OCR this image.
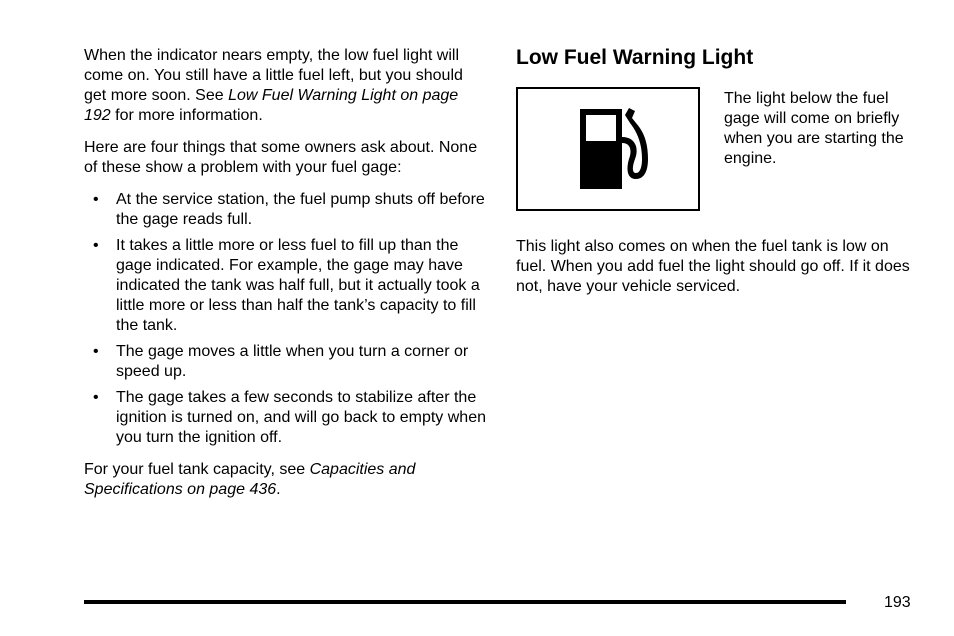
When the indicator nears empty, the low fuel light will come on. You still have a little fuel left, but you should get more soon. See Low Fuel Warning Light on page 192 for more information.

Here are four things that some owners ask about. None of these show a problem with your fuel gage:

• At the service station, the fuel pump shuts off before the gage reads full.
• It takes a little more or less fuel to fill up than the gage indicated. For example, the gage may have indicated the tank was half full, but it actually took a little more or less than half the tank’s capacity to fill the tank.
• The gage moves a little when you turn a corner or speed up.
• The gage takes a few seconds to stabilize after the ignition is turned on, and will go back to empty when you turn the ignition off.

For your fuel tank capacity, see Capacities and Specifications on page 436.

Low Fuel Warning Light

The light below the fuel gage will come on briefly when you are starting the engine.

This light also comes on when the fuel tank is low on fuel. When you add fuel the light should go off. If it does not, have your vehicle serviced.

193
